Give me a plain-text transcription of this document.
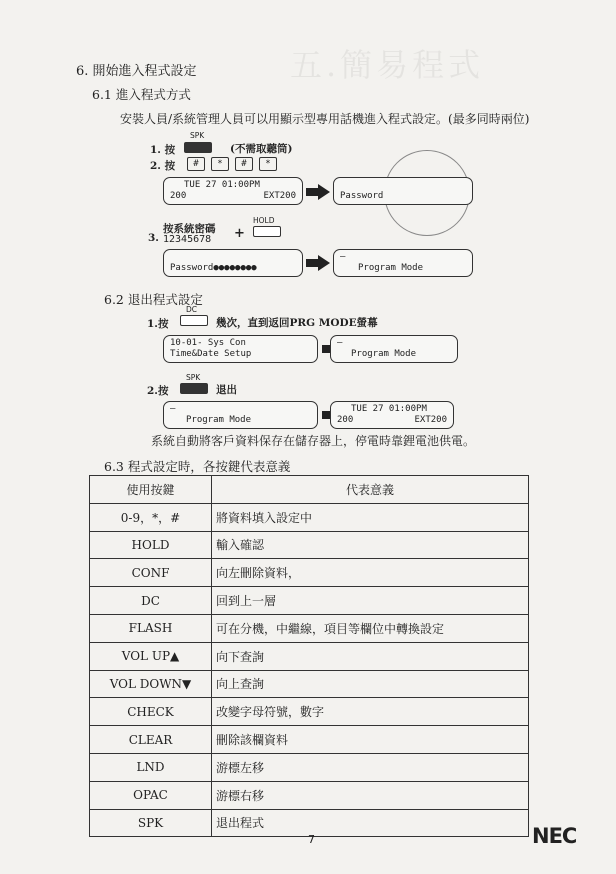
五.簡易程式
6. 開始進入程式設定
6.1 進入程式方式
安裝人員/系統管理人員可以用顯示型專用話機進入程式設定。(最多同時兩位)
1. 按
SPK
(不需取聽筒)
2. 按	#	*	#	*
TUE 27 01:00PM
200	EXT200	Password
3.
按系統密碼
12345678 +
HOLD
Password●●●●●●●●
–
Program Mode
6.2 退出程式設定
1.按
DC
幾次，直到返回PRG MODE螢幕
10-01- Sys Con
Time&Date Setup
–
Program Mode
2.按
SPK
退出
–
Program Mode
TUE 27 01:00PM
200	EXT200
系統自動將客戶資料保存在儲存器上，停電時靠鋰電池供電。
6.3 程式設定時，各按鍵代表意義
使用按鍵	代表意義
0-9，*，#	將資料填入設定中
HOLD	輸入確認
CONF	向左刪除資料，
DC	回到上一層
FLASH	可在分機，中繼線，項目等欄位中轉換設定
VOL UP▲	向下查詢
VOL DOWN▼	向上查詢
CHECK	改變字母符號，數字
CLEAR	刪除該欄資料
LND	游標左移
OPAC	游標右移
SPK	退出程式
7	NEC
